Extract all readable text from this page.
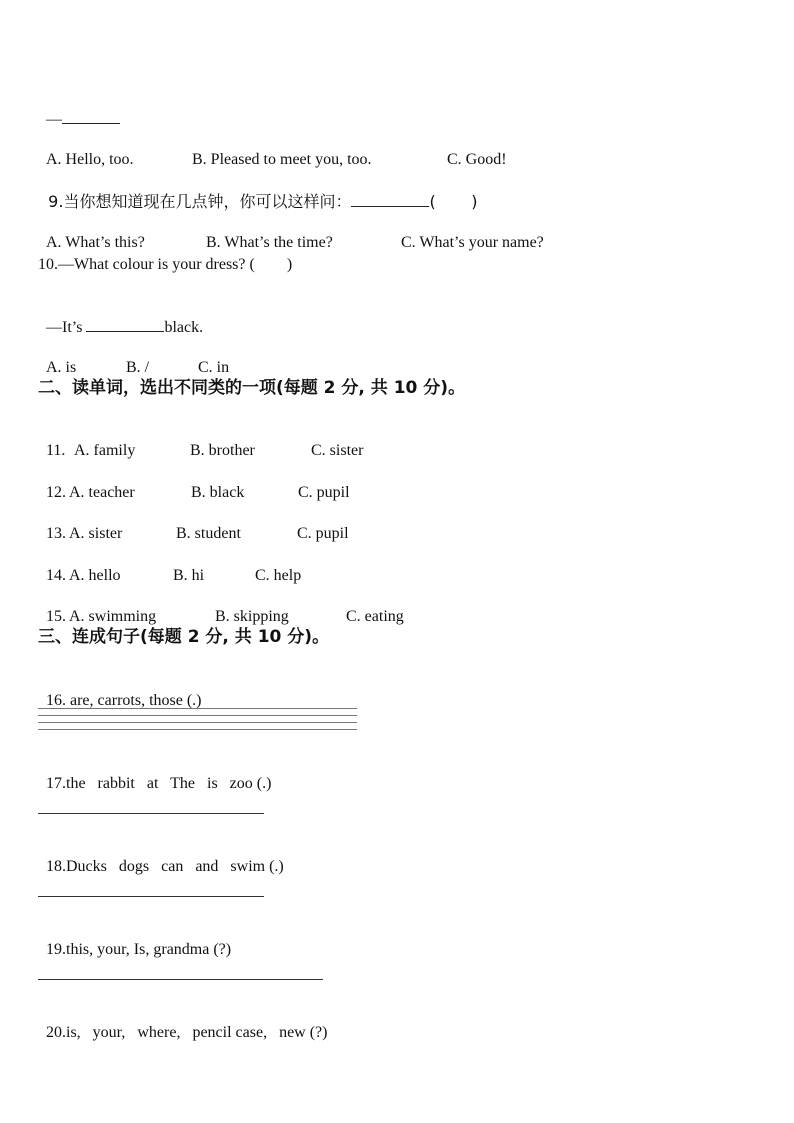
—

A. Hello, too.	B. Pleased to meet you, too.	C. Good!

9.当你想知道现在几点钟，你可以这样问：	(       )

A. What’s this?	B. What’s the time?	C. What’s your name?

10.—What colour is your dress? (        )

—It’s	black.

A. is	B. /	C. in

二、读单词，选出不同类的一项(每题 2 分, 共 10 分)。

11. A. family	B. brother	C. sister

12. A. teacher	B. black	C. pupil

13. A. sister	B. student	C. pupil

14. A. hello	B. hi	C. help

15. A. swimming	B. skipping	C. eating

三、连成句子(每题 2 分, 共 10 分)。

16. are, carrots, those (.)

17.the   rabbit   at   The   is   zoo (.)

18.Ducks   dogs   can   and   swim (.)

19.this, your, Is, grandma (?)

20.is,   your,   where,   pencil case,   new (?)
